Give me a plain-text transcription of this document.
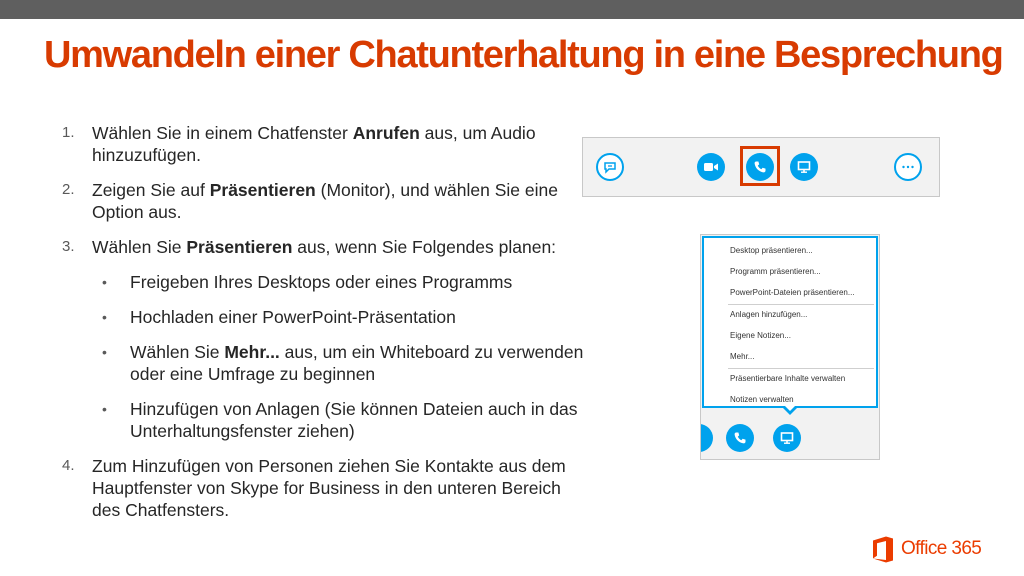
Umwandeln einer Chatunterhaltung in eine Besprechung
1. Wählen Sie in einem Chatfenster Anrufen aus, um Audio hinzuzufügen.
2. Zeigen Sie auf Präsentieren (Monitor), und wählen Sie eine Option aus.
3. Wählen Sie Präsentieren aus, wenn Sie Folgendes planen:
• Freigeben Ihres Desktops oder eines Programms
• Hochladen einer PowerPoint-Präsentation
• Wählen Sie Mehr... aus, um ein Whiteboard zu verwenden oder eine Umfrage zu beginnen
• Hinzufügen von Anlagen (Sie können Dateien auch in das Unterhaltungsfenster ziehen)
4. Zum Hinzufügen von Personen ziehen Sie Kontakte aus dem Hauptfenster von Skype for Business in den unteren Bereich des Chatfensters.
Desktop präsentieren...
Programm präsentieren...
PowerPoint-Dateien präsentieren...
Anlagen hinzufügen...
Eigene Notizen...
Mehr...
Präsentierbare Inhalte verwalten
Notizen verwalten
Office 365
